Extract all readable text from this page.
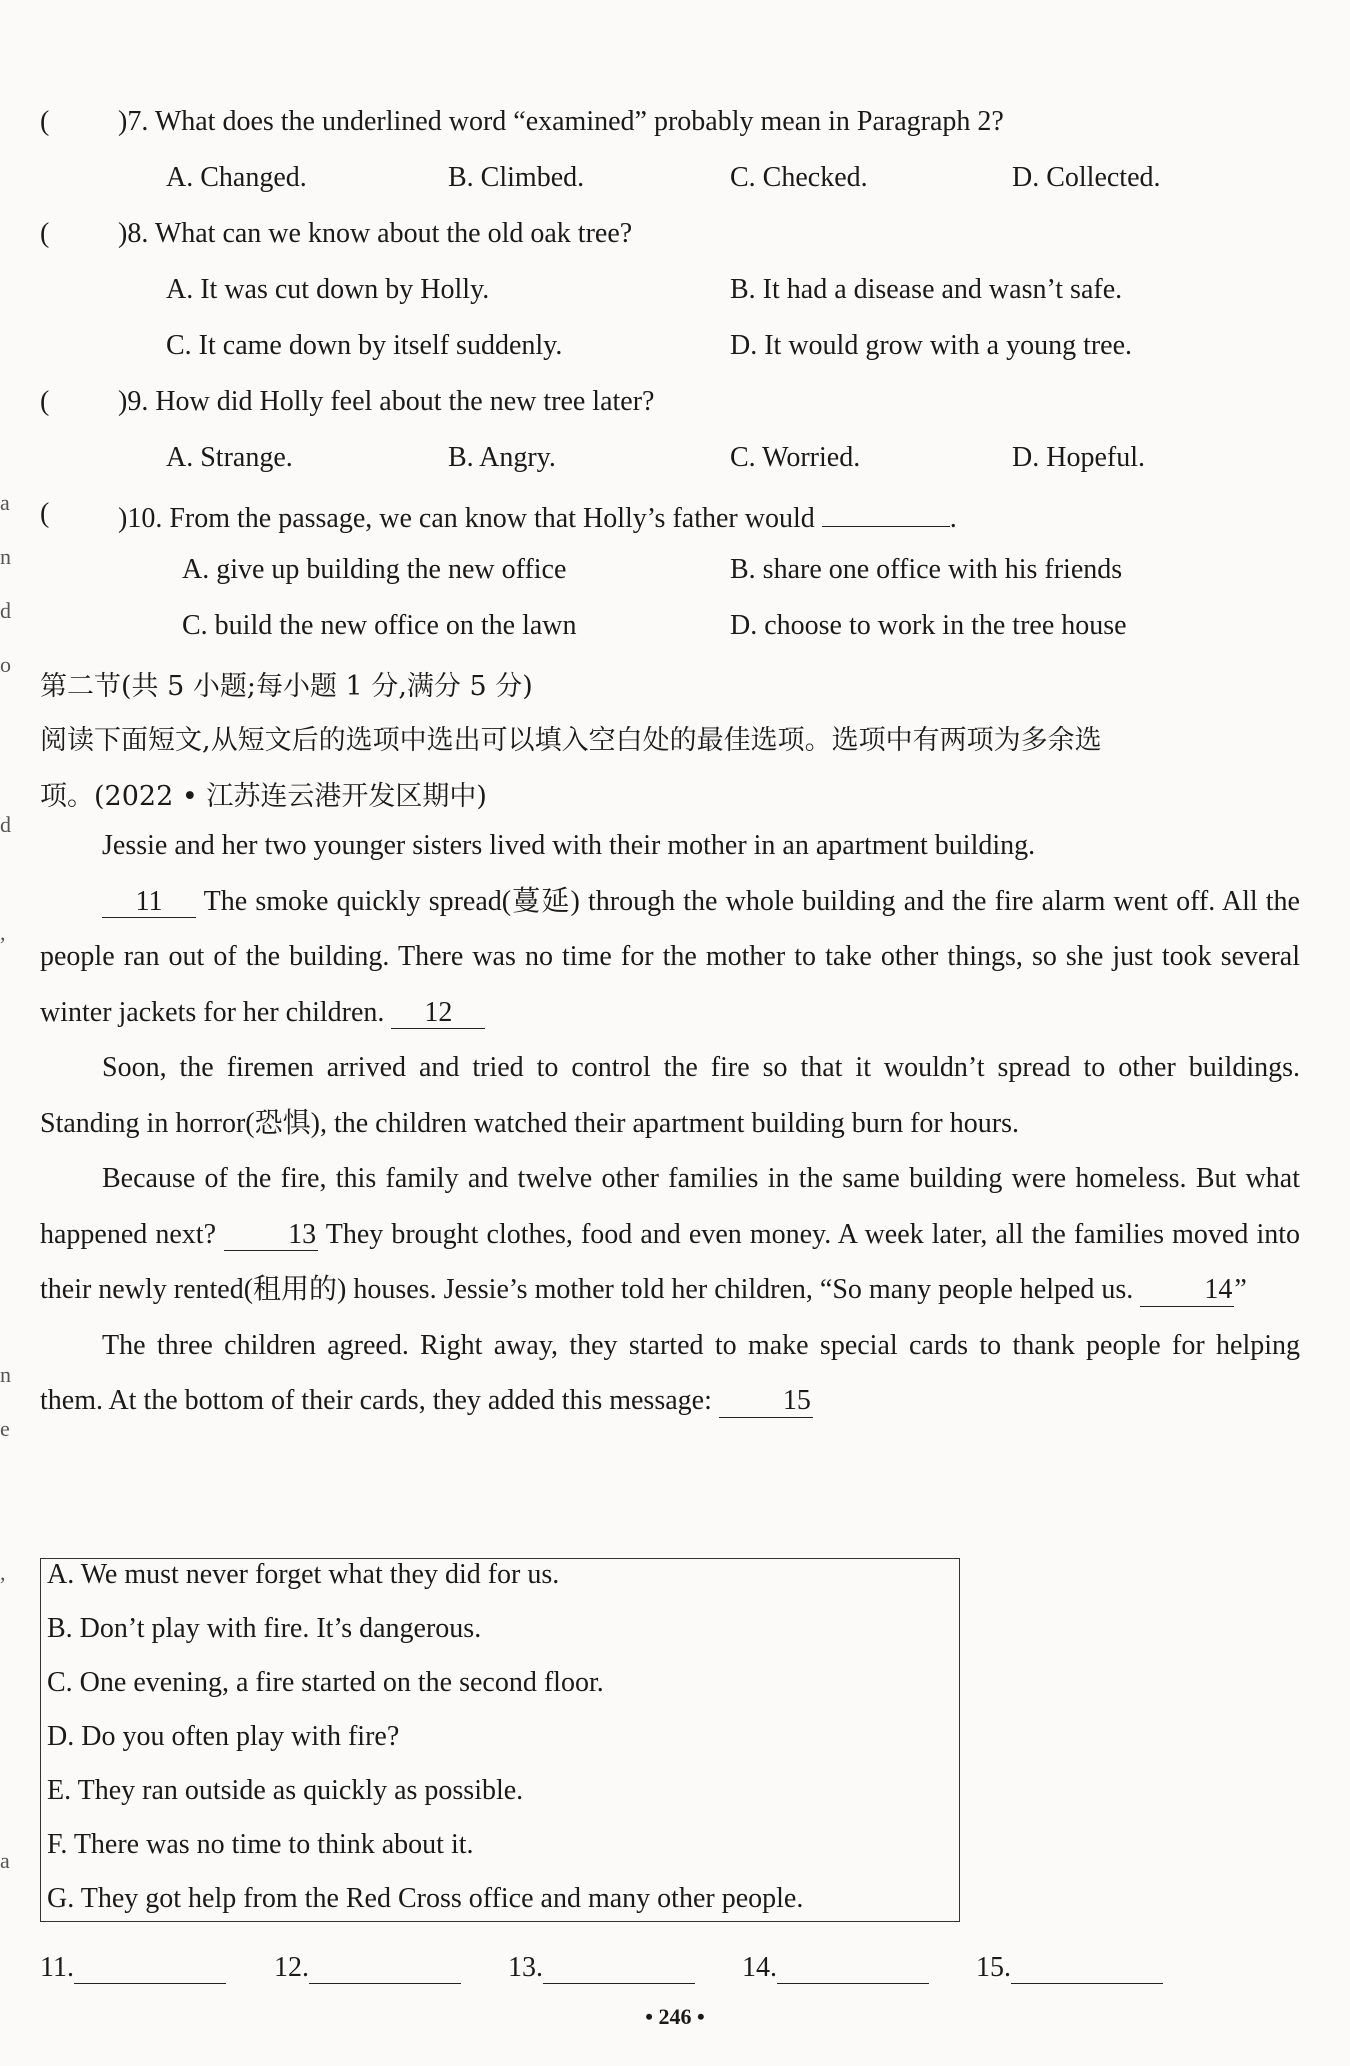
a
n
d
o
d
,
n
e
,
a
( )7. What does the underlined word “examined” probably mean in Paragraph 2?
A. Changed.	B. Climbed.	C. Checked.	D. Collected.
( )8. What can we know about the old oak tree?
A. It was cut down by Holly.	B. It had a disease and wasn’t safe.
C. It came down by itself suddenly.	D. It would grow with a young tree.
( )9. How did Holly feel about the new tree later?
A. Strange.	B. Angry.	C. Worried.	D. Hopeful.
( )10. From the passage, we can know that Holly’s father would	.
A. give up building the new office	B. share one office with his friends
C. build the new office on the lawn	D. choose to work in the tree house
第二节(共 5 小题;每小题 1 分,满分 5 分)
阅读下面短文,从短文后的选项中选出可以填入空白处的最佳选项。选项中有两项为多余选
项。(2022 • 江苏连云港开发区期中)

Jessie and her two younger sisters lived with their mother in an apartment building.

11 The smoke quickly spread(蔓延) through the whole building and the fire alarm went off. All the people ran out of the building. There was no time for the mother to take other things, so she just took several winter jackets for her children. 12

Soon, the firemen arrived and tried to control the fire so that it wouldn’t spread to other buildings. Standing in horror(恐惧), the children watched their apartment building burn for hours.

Because of the fire, this family and twelve other families in the same building were homeless. But what happened next? 13 They brought clothes, food and even money. A week later, all the families moved into their newly rented(租用的) houses. Jessie’s mother told her children, “So many people helped us. 14”

The three children agreed. Right away, they started to make special cards to thank people for helping them. At the bottom of their cards, they added this message: 15

A. We must never forget what they did for us.
B. Don’t play with fire. It’s dangerous.
C. One evening, a fire started on the second floor.
D. Do you often play with fire?
E. They ran outside as quickly as possible.
F. There was no time to think about it.
G. They got help from the Red Cross office and many other people.
11.	12.	13.	14.	15.
• 246 •
